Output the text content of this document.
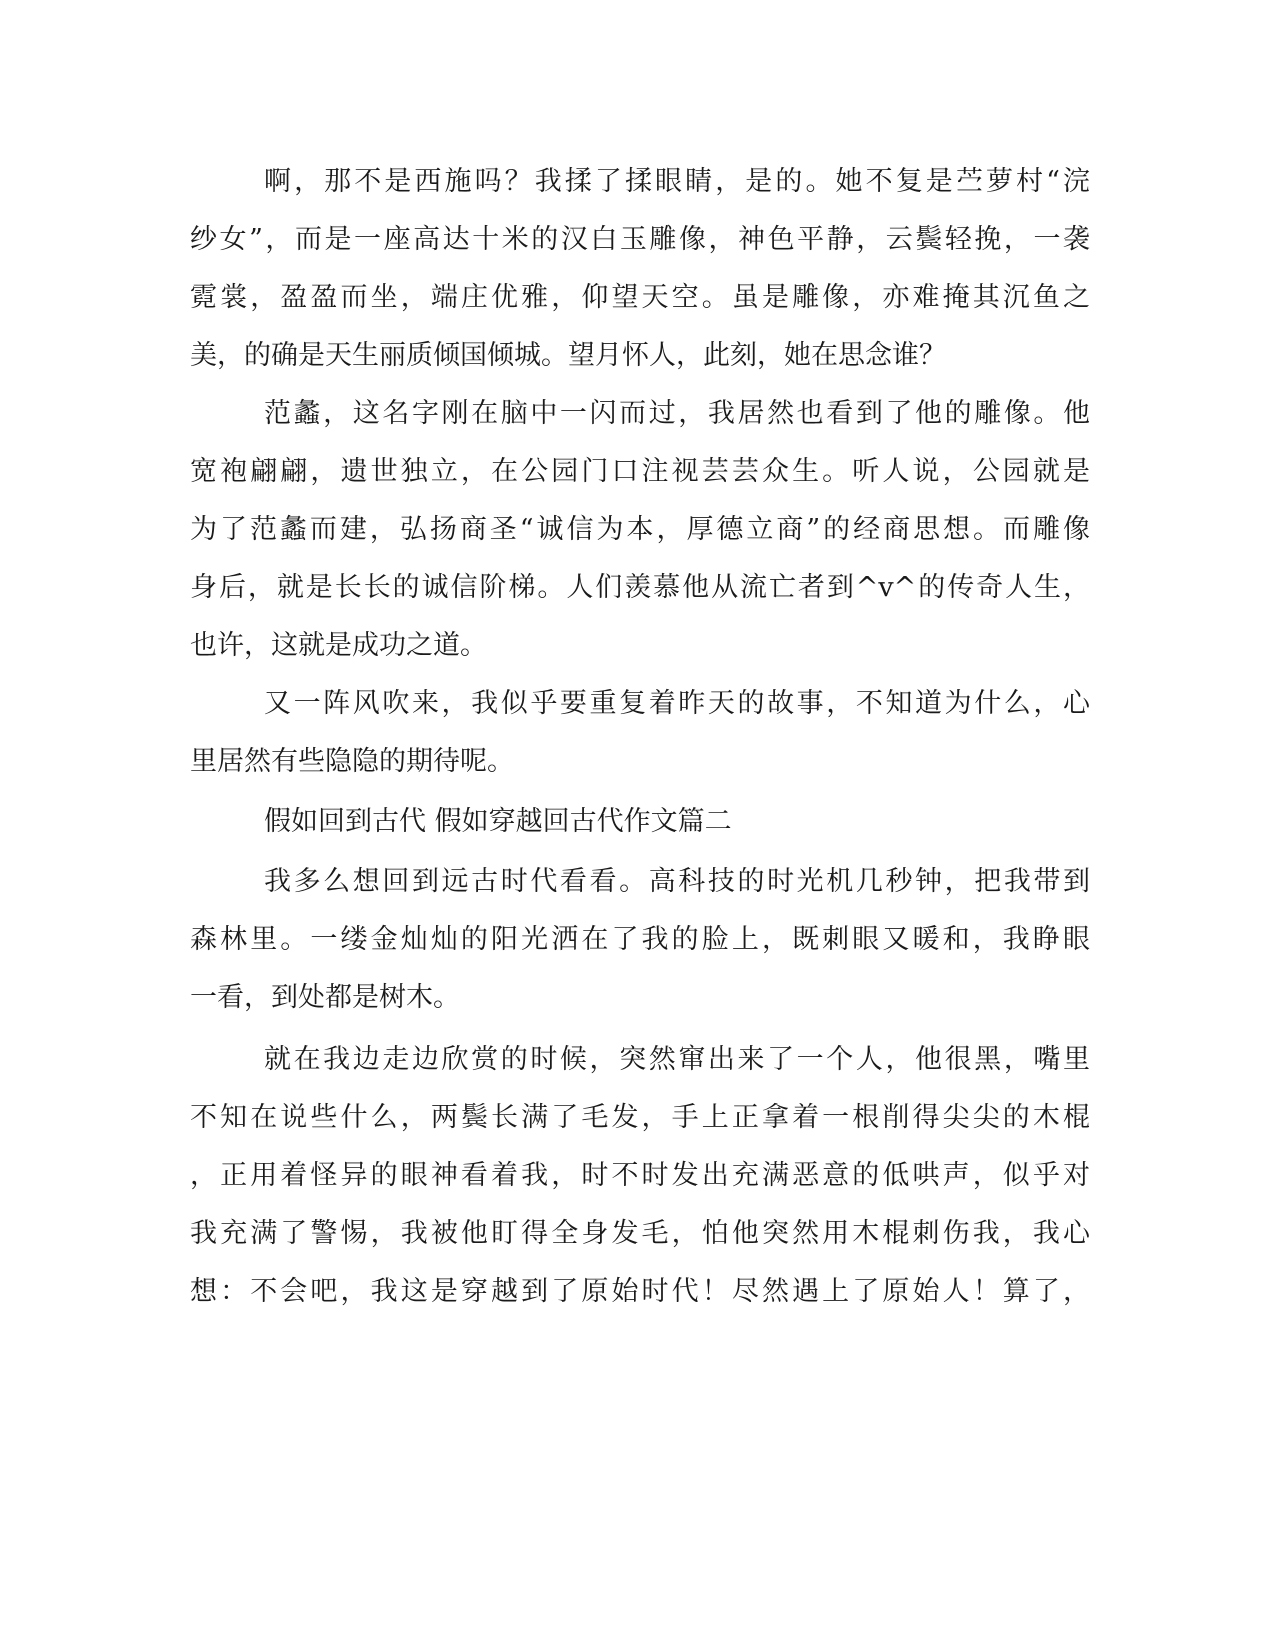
啊，那不是西施吗？我揉了揉眼睛，是的。她不复是苎萝村“浣
纱女”，而是一座高达十米的汉白玉雕像，神色平静，云鬓轻挽，一袭
霓裳，盈盈而坐，端庄优雅，仰望天空。虽是雕像，亦难掩其沉鱼之
美，的确是天生丽质倾国倾城。望月怀人，此刻，她在思念谁？
范蠡，这名字刚在脑中一闪而过，我居然也看到了他的雕像。他
宽袍翩翩，遗世独立，在公园门口注视芸芸众生。听人说，公园就是
为了范蠡而建，弘扬商圣“诚信为本，厚德立商”的经商思想。而雕像
身后，就是长长的诚信阶梯。人们羡慕他从流亡者到^v^的传奇人生，
也许，这就是成功之道。
又一阵风吹来，我似乎要重复着昨天的故事，不知道为什么，心
里居然有些隐隐的期待呢。
假如回到古代 假如穿越回古代作文篇二
我多么想回到远古时代看看。高科技的时光机几秒钟，把我带到
森林里。一缕金灿灿的阳光洒在了我的脸上，既刺眼又暖和，我睁眼
一看，到处都是树木。
就在我边走边欣赏的时候，突然窜出来了一个人，他很黑，嘴里
不知在说些什么，两鬓长满了毛发，手上正拿着一根削得尖尖的木棍
，正用着怪异的眼神看着我，时不时发出充满恶意的低哄声，似乎对
我充满了警惕，我被他盯得全身发毛，怕他突然用木棍刺伤我，我心
想：不会吧，我这是穿越到了原始时代！尽然遇上了原始人！算了，
